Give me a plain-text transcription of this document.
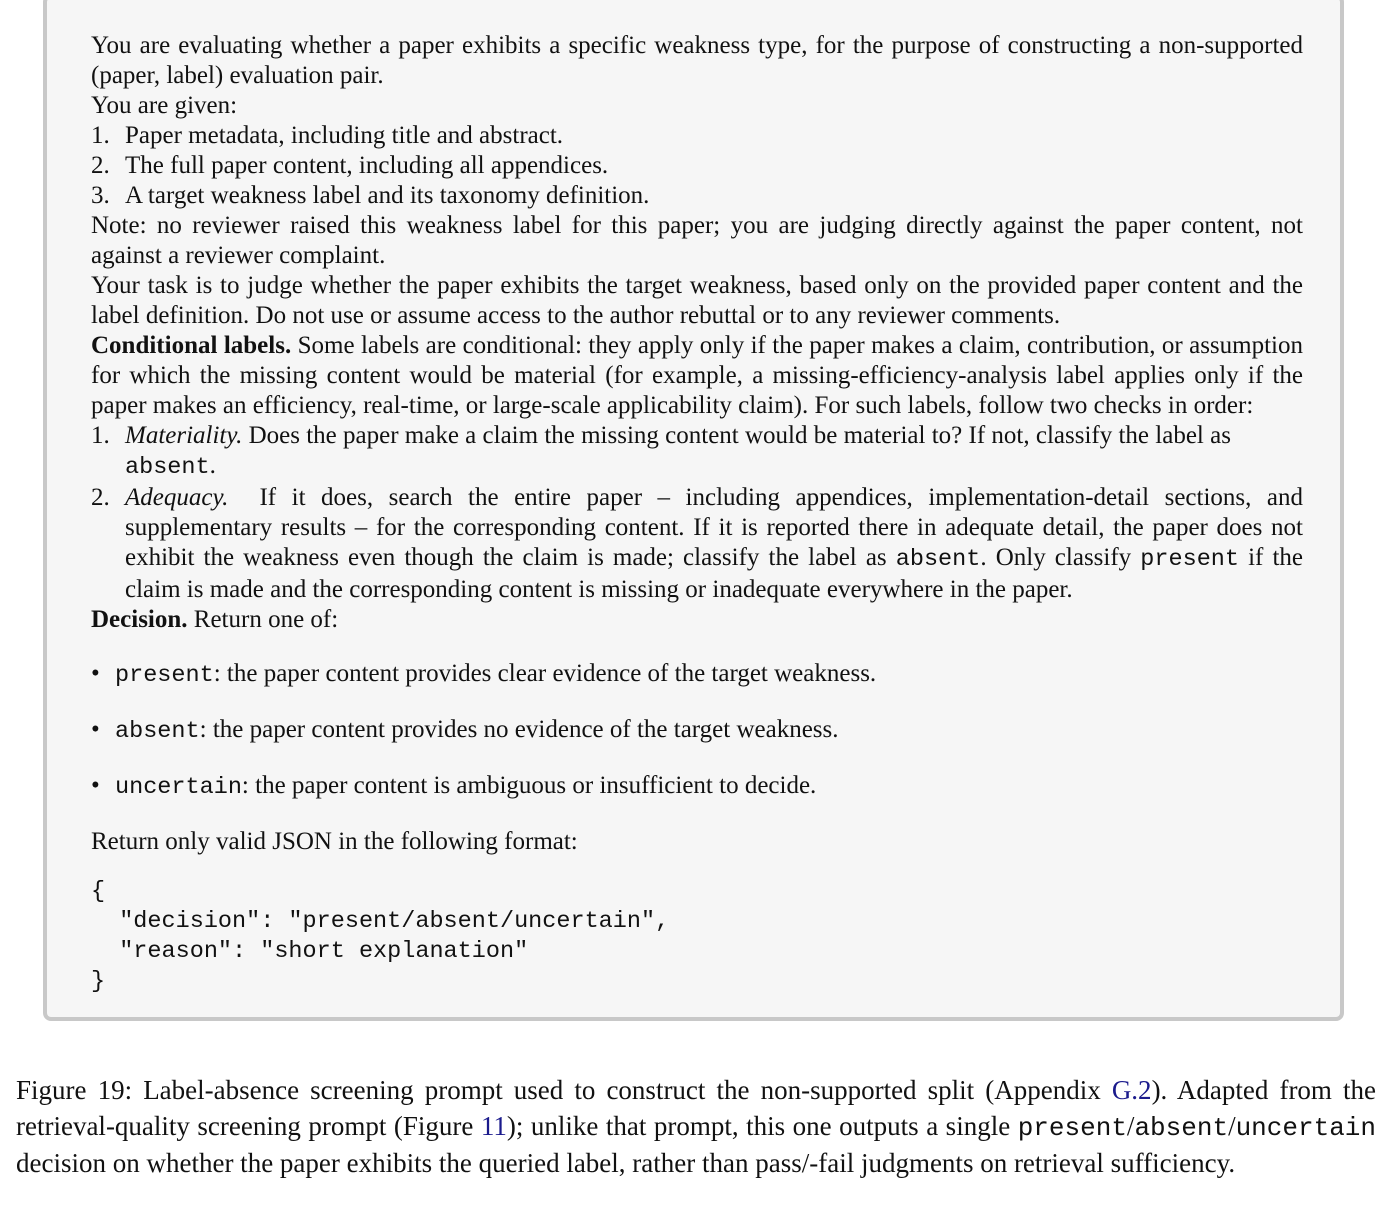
You are evaluating whether a paper exhibits a specific weakness type, for the purpose of constructing a non-supported (paper, label) evaluation pair.

You are given:

1. Paper metadata, including title and abstract.
2. The full paper content, including all appendices.
3. A target weakness label and its taxonomy definition.

Note: no reviewer raised this weakness label for this paper; you are judging directly against the paper content, not against a reviewer complaint.

Your task is to judge whether the paper exhibits the target weakness, based only on the provided paper content and the label definition. Do not use or assume access to the author rebuttal or to any reviewer comments.

Conditional labels. Some labels are conditional: they apply only if the paper makes a claim, contribution, or assumption for which the missing content would be material (for example, a missing-efficiency-analysis label applies only if the paper makes an efficiency, real-time, or large-scale applicability claim). For such labels, follow two checks in order:

1. Materiality. Does the paper make a claim the missing content would be material to? If not, classify the label as
absent.
2. Adequacy. If it does, search the entire paper – including appendices, implementation-detail sections, and supplementary results – for the corresponding content. If it is reported there in adequate detail, the paper does not exhibit the weakness even though the claim is made; classify the label as absent. Only classify present if the claim is made and the corresponding content is missing or inadequate everywhere in the paper.

Decision. Return one of:

• present: the paper content provides clear evidence of the target weakness.
• absent: the paper content provides no evidence of the target weakness.
• uncertain: the paper content is ambiguous or insufficient to decide.

Return only valid JSON in the following format:

{
"decision": "present/absent/uncertain",
"reason": "short explanation"
}
Figure 19: Label-absence screening prompt used to construct the non-supported split (Appendix G.2). Adapted from the retrieval-quality screening prompt (Figure 11); unlike that prompt, this one outputs a single present/absent/uncertain decision on whether the paper exhibits the queried label, rather than pass/-fail judgments on retrieval sufficiency.
